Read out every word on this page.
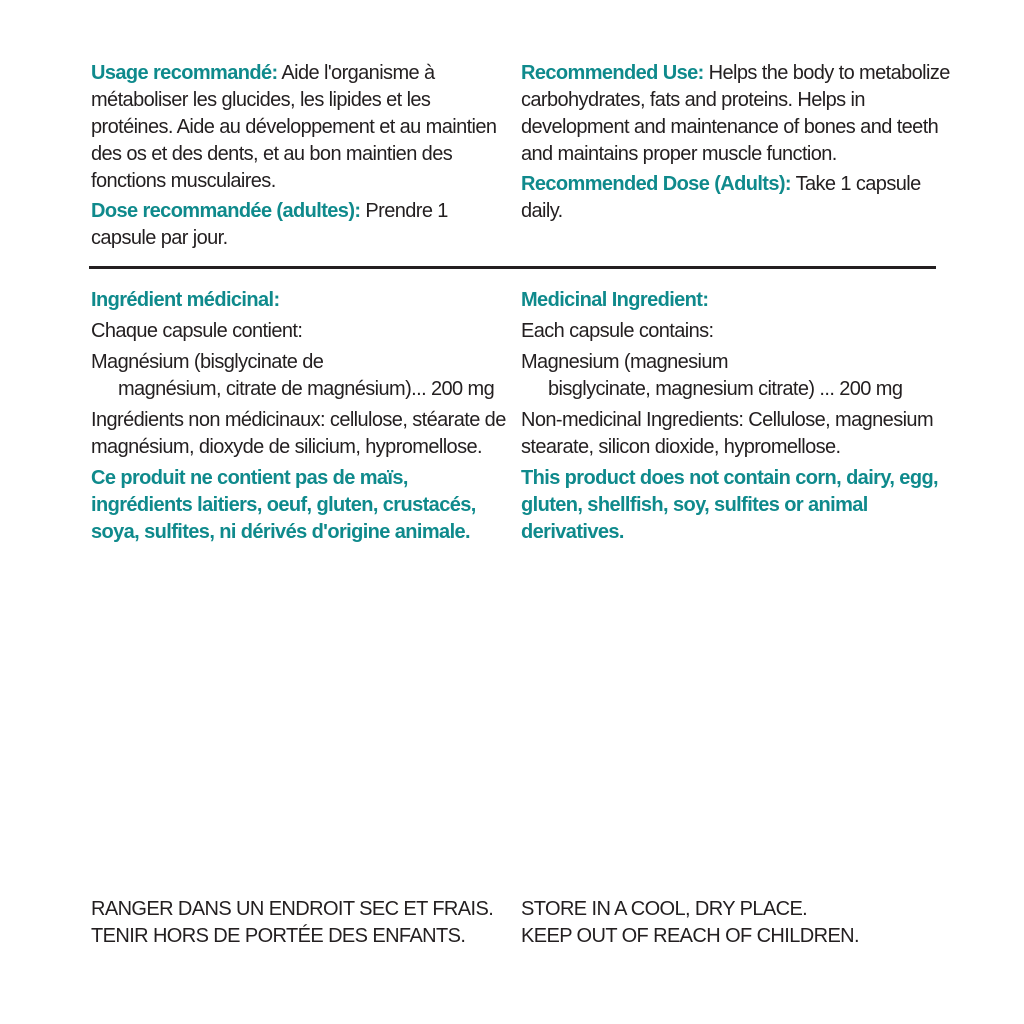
Usage recommandé: Aide l'organisme à métaboliser les glucides, les lipides et les protéines. Aide au développement et au maintien des os et des dents, et au bon maintien des fonctions musculaires.

Dose recommandée (adultes): Prendre 1 capsule par jour.

Recommended Use: Helps the body to metabolize carbohydrates, fats and proteins. Helps in development and maintenance of bones and teeth and maintains proper muscle function.

Recommended Dose (Adults): Take 1 capsule daily.

Ingrédient médicinal:

Chaque capsule contient:

Magnésium (bisglycinate de

magnésium, citrate de magnésium)... 200 mg

Ingrédients non médicinaux: cellulose, stéarate de magnésium, dioxyde de silicium, hypromellose.

Ce produit ne contient pas de maïs, ingrédients laitiers, oeuf, gluten, crustacés, soya, sulfites, ni dérivés d'origine animale.

Medicinal Ingredient:

Each capsule contains:

Magnesium (magnesium

bisglycinate, magnesium citrate) ... 200 mg

Non-medicinal Ingredients: Cellulose, magnesium stearate, silicon dioxide, hypromellose.

This product does not contain corn, dairy, egg, gluten, shellfish, soy, sulfites or animal derivatives.

RANGER DANS UN ENDROIT SEC ET FRAIS.
TENIR HORS DE PORTÉE DES ENFANTS.
STORE IN A COOL, DRY PLACE.
KEEP OUT OF REACH OF CHILDREN.
